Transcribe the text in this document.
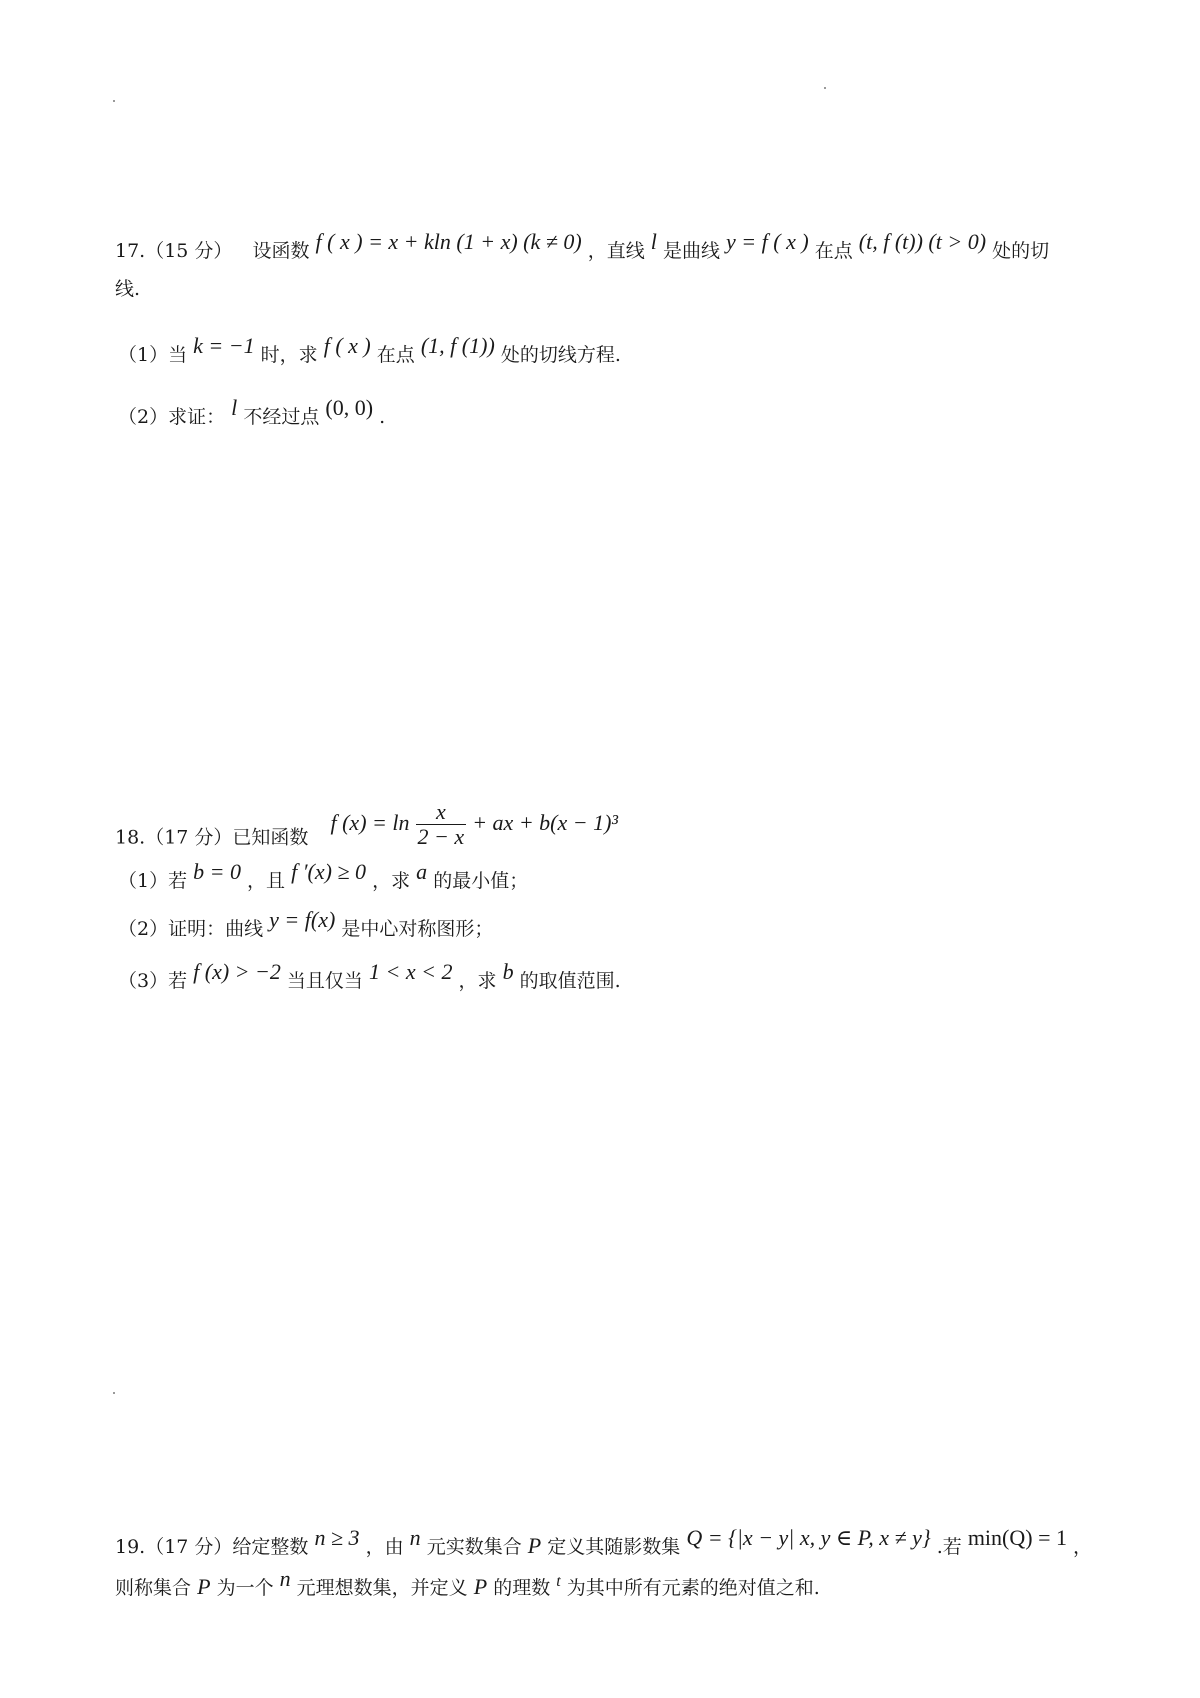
17.（15 分） 设函数 f ( x ) = x + kln (1 + x) (k ≠ 0) ，直线 l 是曲线 y = f ( x ) 在点 (t, f (t)) (t > 0) 处的切
线.
（1）当 k = −1 时，求 f ( x ) 在点 (1, f (1)) 处的切线方程.
（2）求证： l 不经过点 (0, 0) .
18.（17 分）已知函数 f $(x) = \ln \frac{x}{2 - x}$ + ax + b(x − 1)³
（1）若 b = 0 ，且 f ′(x) ≥ 0 ，求 a 的最小值；
（2）证明：曲线 y = f(x) 是中心对称图形；
（3）若 f (x) > −2 当且仅当 1 < x < 2 ，求 b 的取值范围.
19.（17 分）给定整数 n ≥ 3 ，由 n 元实数集合 P 定义其随影数集 Q = {|x − y| x, y ∈ P, x ≠ y} .若 min(Q) = 1 ，
则称集合 P 为一个 n 元理想数集，并定义 P 的理数 $^t$ 为其中所有元素的绝对值之和.
